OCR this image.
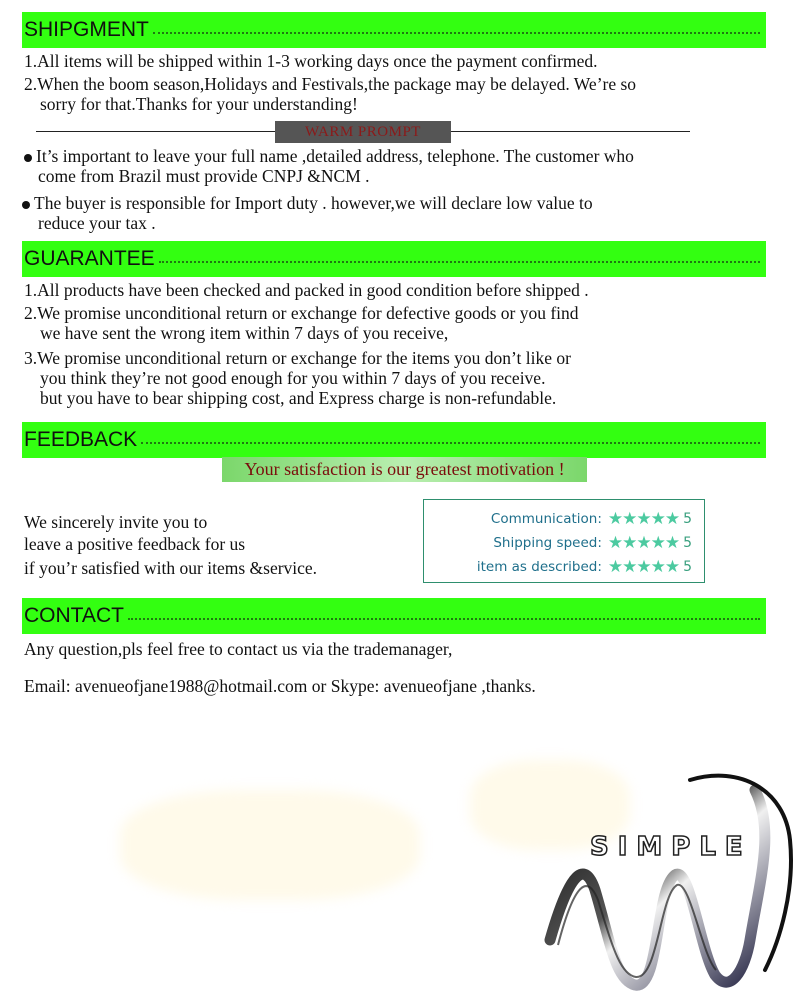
SHIPGMENT
1.All items will be shipped within 1-3 working days once the payment confirmed.
2.When the boom season,Holidays and Festivals,the package may be delayed. We’re so
sorry for that.Thanks for your understanding!
WARM PROMPT
It’s important to leave your full name ,detailed address, telephone. The customer who
come from Brazil must provide CNPJ &NCM .
The buyer is responsible for Import duty . however,we will declare low value to
reduce your tax .
GUARANTEE
1.All products have been checked and packed in good condition before shipped .
2.We promise unconditional return or exchange for defective goods or you find
we have sent the wrong item within 7 days of you receive,
3.We promise unconditional return or exchange for the items you don’t like or
you think they’re not good enough for you within 7 days of you receive.
but you have to bear shipping cost, and Express charge is non-refundable.
FEEDBACK
Your satisfaction is our greatest motivation !
We sincerely invite you to
leave a positive feedback for us
if you’r satisfied with our items &service.
Communication: ★★★★★ 5
Shipping speed: ★★★★★ 5
item as described: ★★★★★ 5
CONTACT
Any question,pls feel free to contact us via the trademanager,
Email: avenueofjane1988@hotmail.com or Skype: avenueofjane ,thanks.
SIMPLE
